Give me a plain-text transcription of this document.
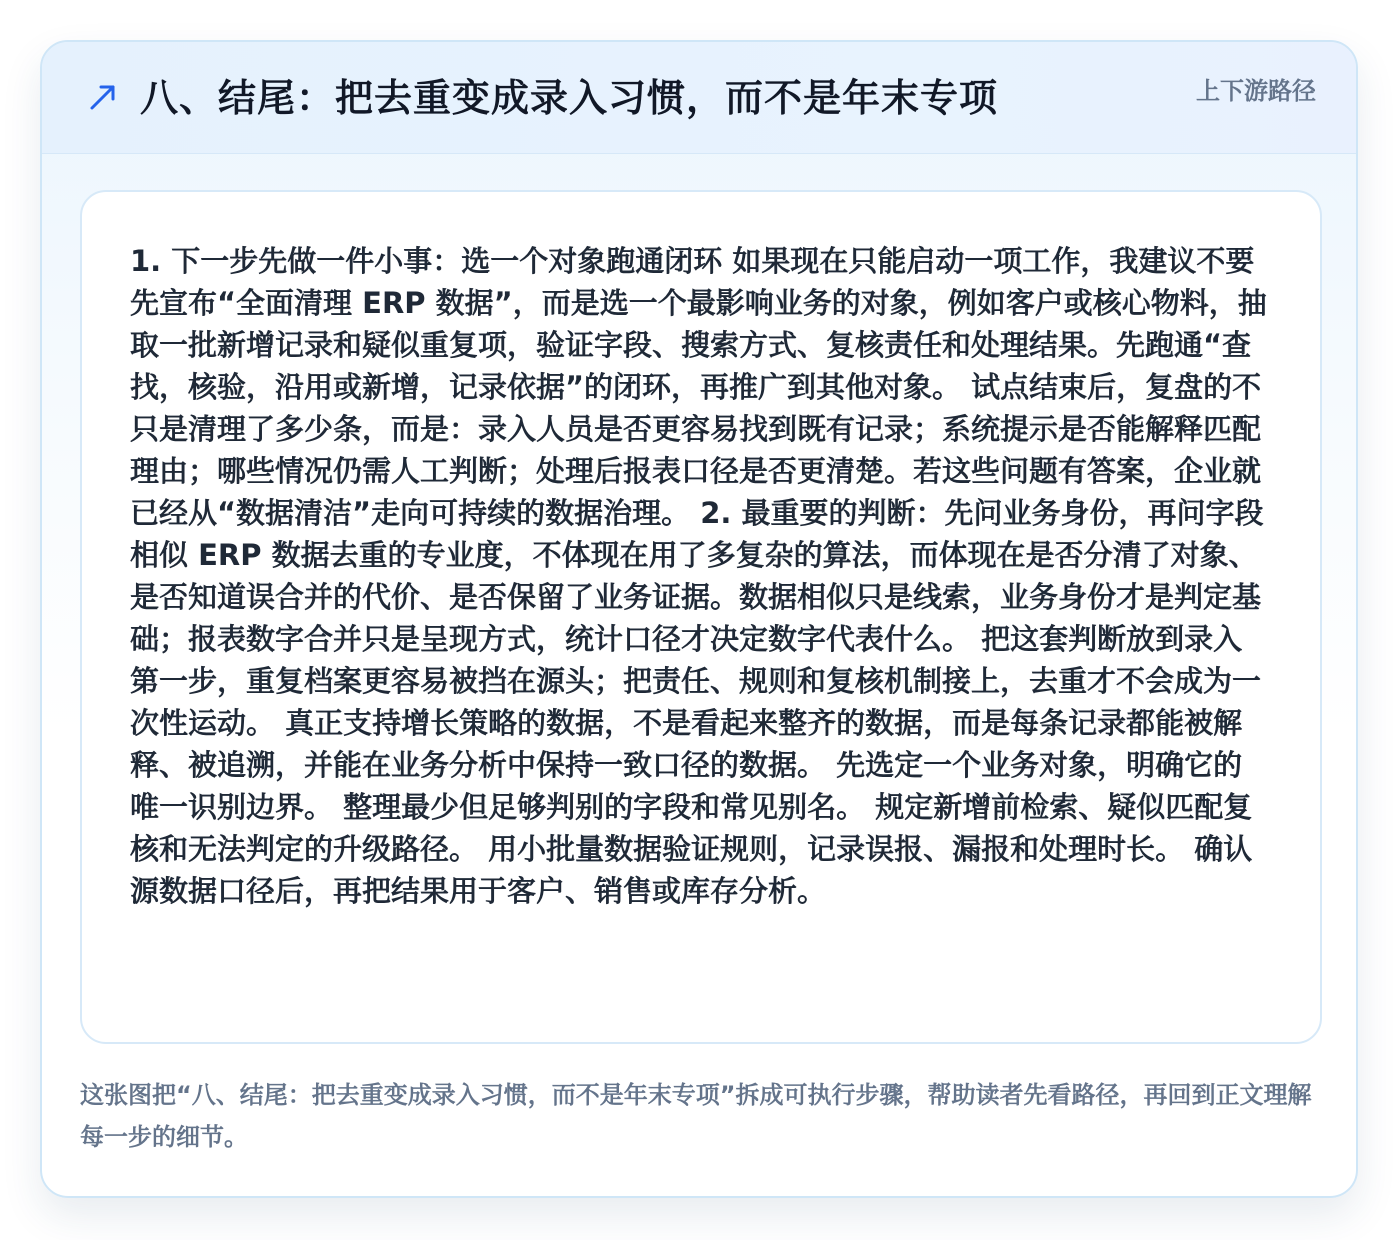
八、结尾：把去重变成录入习惯，而不是年末专项	上下游路径

1. 下一步先做一件小事：选一个对象跑通闭环 如果现在只能启动一项工作，我建议不要先宣布“全面清理 ERP 数据”，而是选一个最影响业务的对象，例如客户或核心物料，抽取一批新增记录和疑似重复项，验证字段、搜索方式、复核责任和处理结果。先跑通“查找，核验，沿用或新增，记录依据”的闭环，再推广到其他对象。 试点结束后，复盘的不只是清理了多少条，而是：录入人员是否更容易找到既有记录；系统提示是否能解释匹配理由；哪些情况仍需人工判断；处理后报表口径是否更清楚。若这些问题有答案，企业就已经从“数据清洁”走向可持续的数据治理。 2. 最重要的判断：先问业务身份，再问字段相似 ERP 数据去重的专业度，不体现在用了多复杂的算法，而体现在是否分清了对象、是否知道误合并的代价、是否保留了业务证据。数据相似只是线索，业务身份才是判定基础；报表数字合并只是呈现方式，统计口径才决定数字代表什么。 把这套判断放到录入第一步，重复档案更容易被挡在源头；把责任、规则和复核机制接上，去重才不会成为一次性运动。 真正支持增长策略的数据，不是看起来整齐的数据，而是每条记录都能被解释、被追溯，并能在业务分析中保持一致口径的数据。 先选定一个业务对象，明确它的唯一识别边界。 整理最少但足够判别的字段和常见别名。 规定新增前检索、疑似匹配复核和无法判定的升级路径。 用小批量数据验证规则，记录误报、漏报和处理时长。 确认源数据口径后，再把结果用于客户、销售或库存分析。

这张图把“八、结尾：把去重变成录入习惯，而不是年末专项”拆成可执行步骤，帮助读者先看路径，再回到正文理解每一步的细节。
